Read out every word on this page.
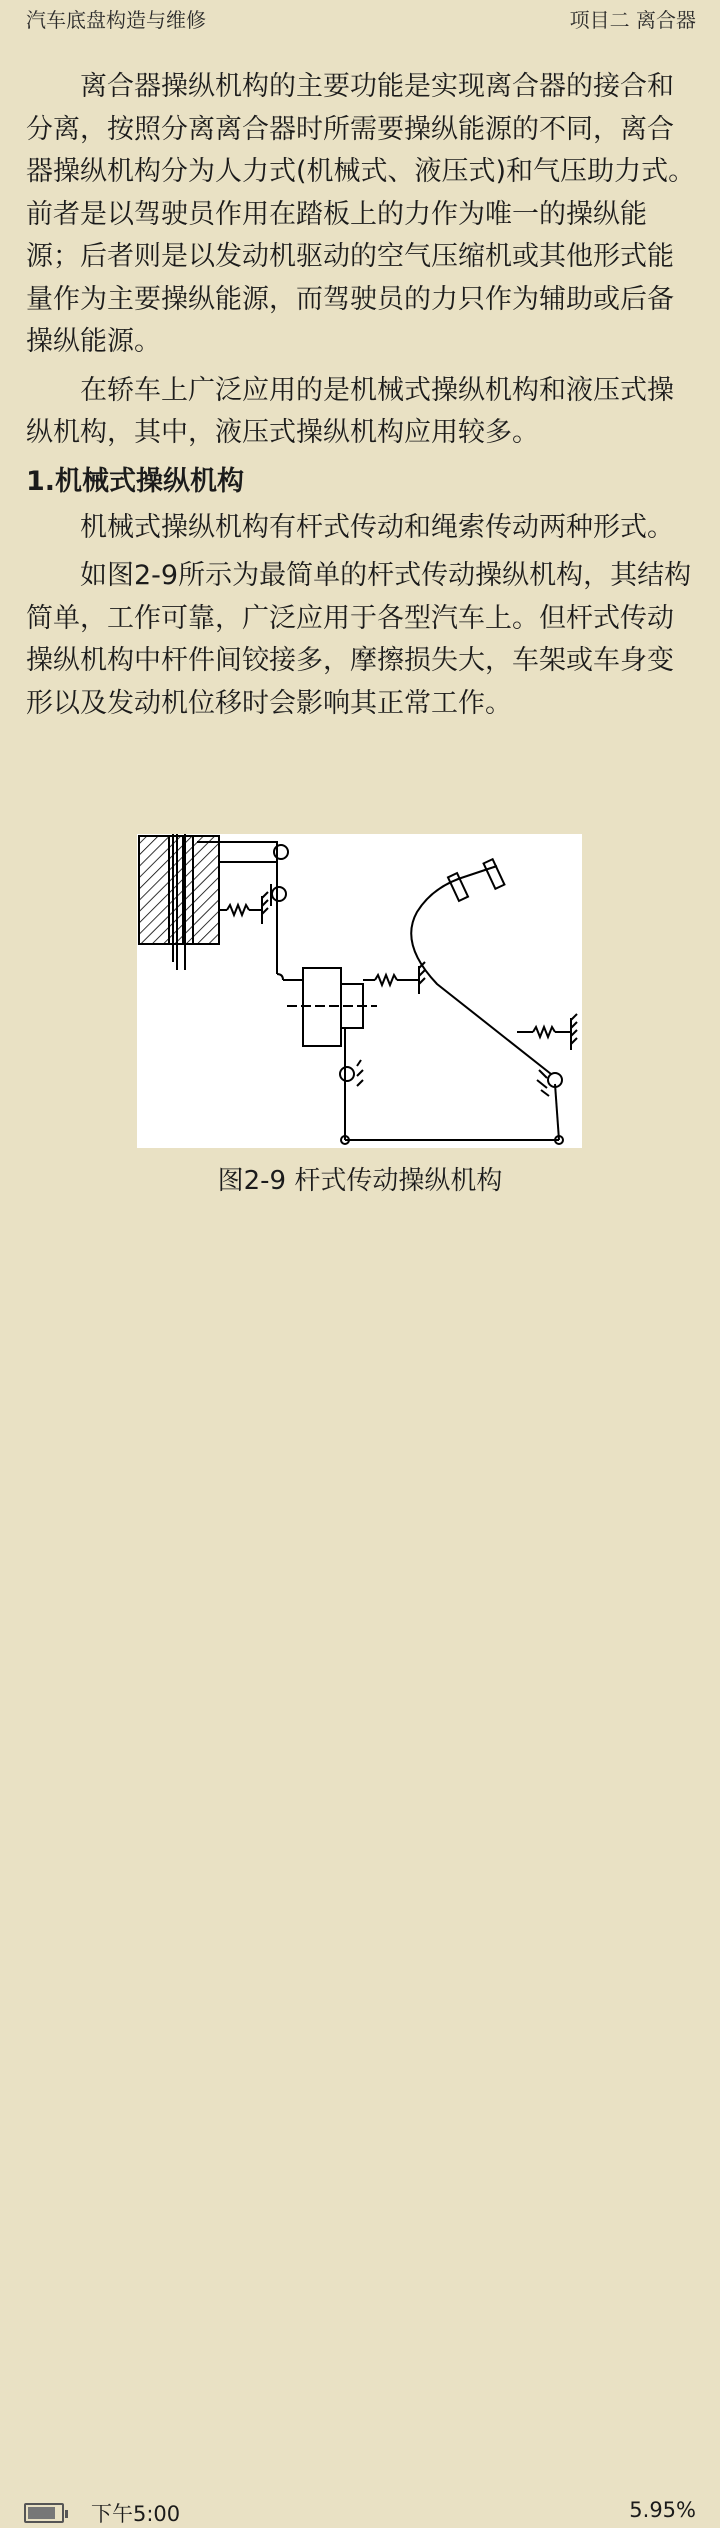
汽车底盘构造与维修	项目二 离合器

离合器操纵机构的主要功能是实现离合器的接合和分离，按照分离离合器时所需要操纵能源的不同，离合器操纵机构分为人力式(机械式、液压式)和气压助力式。前者是以驾驶员作用在踏板上的力作为唯一的操纵能源；后者则是以发动机驱动的空气压缩机或其他形式能量作为主要操纵能源，而驾驶员的力只作为辅助或后备操纵能源。

在轿车上广泛应用的是机械式操纵机构和液压式操纵机构，其中，液压式操纵机构应用较多。

1.机械式操纵机构

机械式操纵机构有杆式传动和绳索传动两种形式。

如图2-9所示为最简单的杆式传动操纵机构，其结构简单，工作可靠，广泛应用于各型汽车上。但杆式传动操纵机构中杆件间铰接多，摩擦损失大，车架或车身变形以及发动机位移时会影响其正常工作。

图2-9 杆式传动操纵机构
下午5:00	5.95%
